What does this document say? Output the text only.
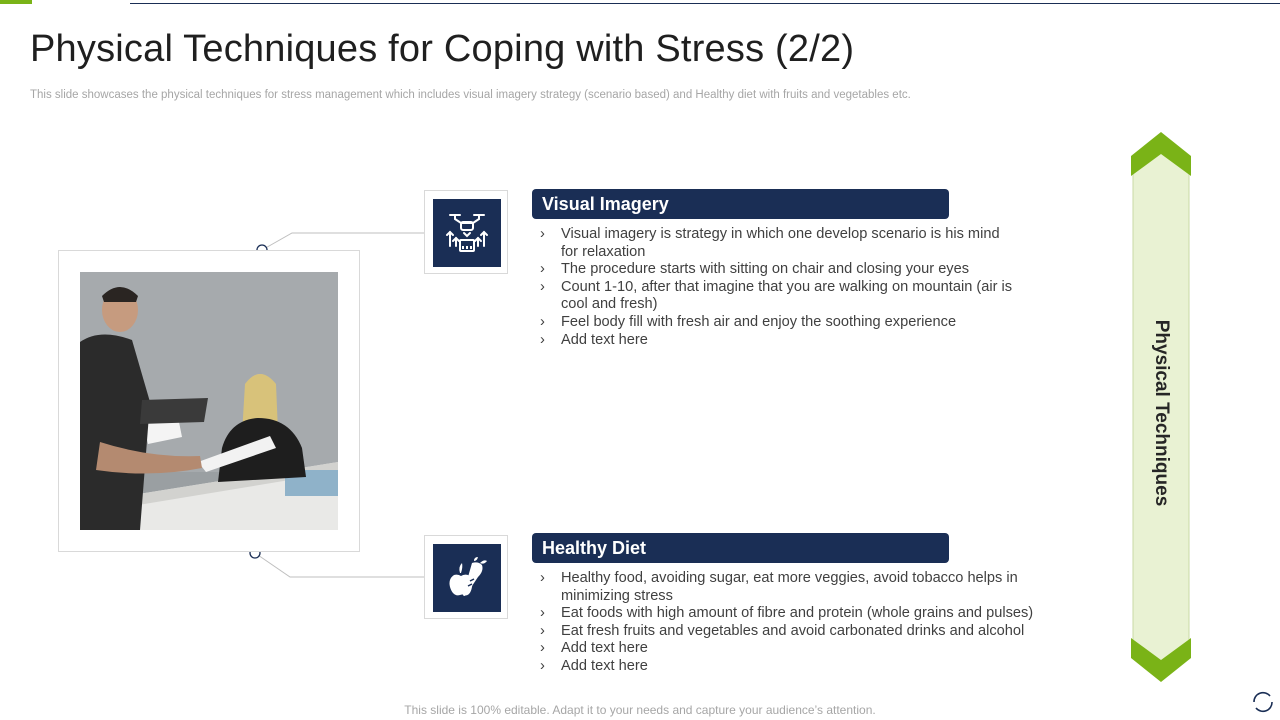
Physical Techniques for Coping with Stress (2/2)

This slide showcases the physical techniques for stress management which includes visual imagery strategy (scenario based) and Healthy diet with fruits and vegetables etc.

Visual Imagery
› Visual imagery is strategy in which one develop scenario is his mind for relaxation
› The procedure starts with sitting on chair and closing your eyes
› Count 1-10, after that imagine that you are walking on mountain (air is cool and fresh)
› Feel body fill with fresh air and enjoy the soothing experience
› Add text here
Healthy Diet
› Healthy food, avoiding sugar, eat more veggies, avoid tobacco helps in minimizing stress
› Eat foods with high amount of fibre and protein (whole grains and pulses)
› Eat fresh fruits and vegetables and avoid carbonated drinks and alcohol
› Add text here
› Add text here
Physical Techniques
This slide is 100% editable. Adapt it to your needs and capture your audience’s attention.
